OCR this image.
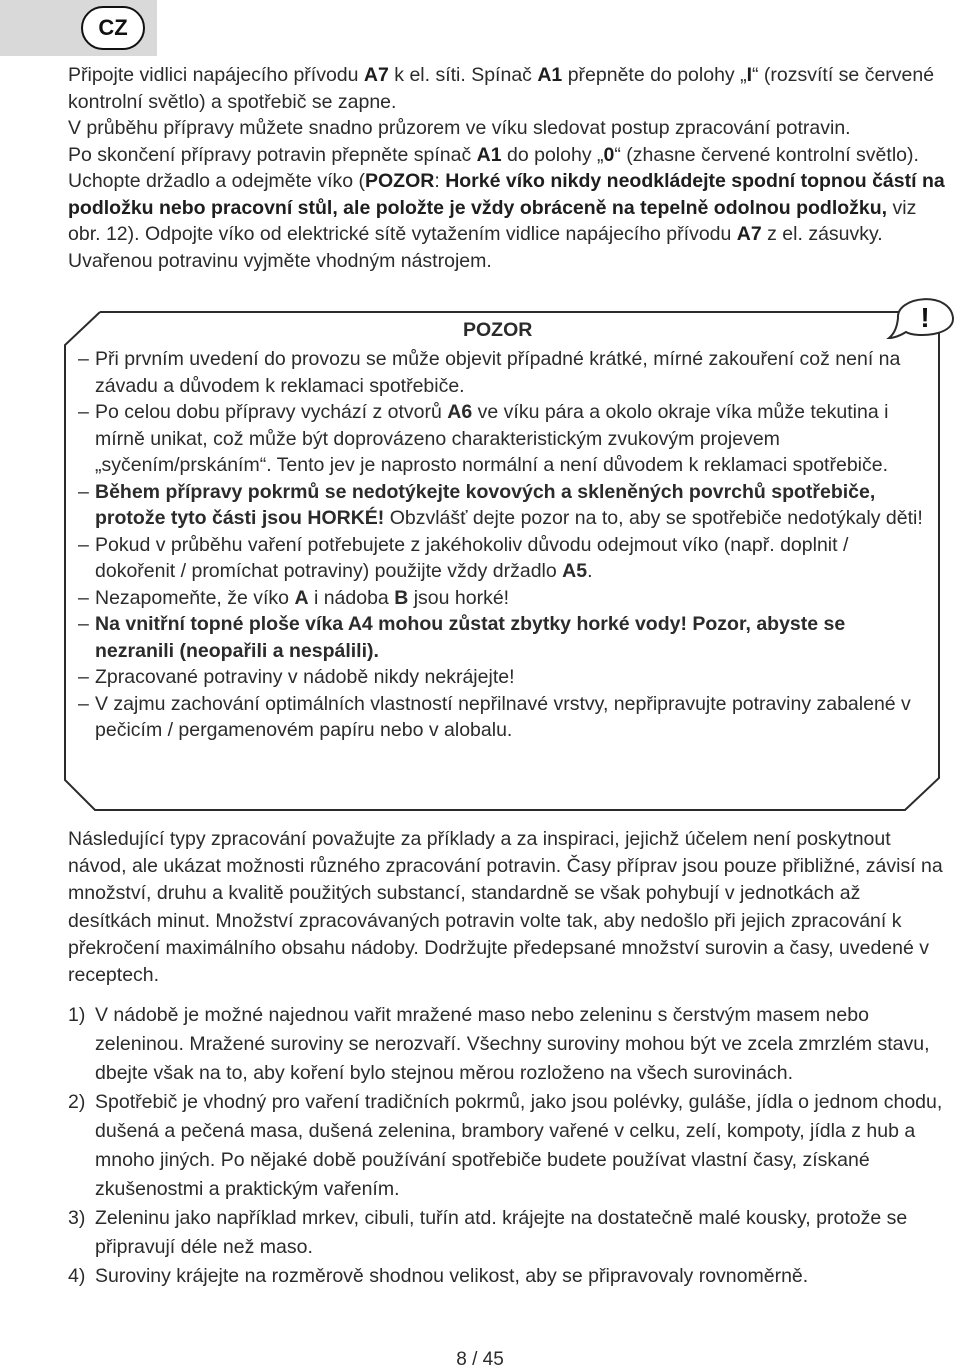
CZ

Připojte vidlici napájecího přívodu A7 k el. síti. Spínač A1 přepněte do polohy „I“ (rozsvítí se červené kontrolní světlo) a spotřebič se zapne.
V průběhu přípravy můžete snadno průzorem ve víku sledovat postup zpracování potravin.
Po skončení přípravy potravin přepněte spínač A1 do polohy „0“ (zhasne červené kontrolní světlo). Uchopte držadlo a odejměte víko (POZOR: Horké víko nikdy neodkládejte spodní topnou částí na podložku nebo pracovní stůl, ale položte je vždy obráceně na tepelně odolnou podložku, viz obr. 12). Odpojte víko od elektrické sítě vytažením vidlice napájecího přívodu A7 z el. zásuvky. Uvařenou potravinu vyjměte vhodným nástrojem.

!

POZOR

– Při prvním uvedení do provozu se může objevit případné krátké, mírné zakouření což není na závadu a důvodem k reklamaci spotřebiče.
– Po celou dobu přípravy vychází z otvorů A6 ve víku pára a okolo okraje víka může tekutina i mírně unikat, což může být doprovázeno charakteristickým zvukovým projevem „syčením/prskáním“. Tento jev je naprosto normální a není důvodem k reklamaci spotřebiče.
– Během přípravy pokrmů se nedotýkejte kovových a skleněných povrchů spotřebiče, protože tyto části jsou HORKÉ! Obzvlášť dejte pozor na to, aby se spotřebiče nedotýkaly děti!
– Pokud v průběhu vaření potřebujete z jakéhokoliv důvodu odejmout víko (např. doplnit / dokořenit / promíchat potraviny) použijte vždy držadlo A5.
– Nezapomeňte, že víko A i nádoba B jsou horké!
– Na vnitřní topné ploše víka A4 mohou zůstat zbytky horké vody! Pozor, abyste se nezranili (neopařili a nespálili).
– Zpracované potraviny v nádobě nikdy nekrájejte!
– V zajmu zachování optimálních vlastností nepřilnavé vrstvy, nepřipravujte potraviny zabalené v pečicím / pergamenovém papíru nebo v alobalu.

Následující typy zpracování považujte za příklady a za inspiraci, jejichž účelem není poskytnout návod, ale ukázat možnosti různého zpracování potravin. Časy příprav jsou pouze přibližné, závisí na množství, druhu a kvalitě použitých substancí, standardně se však pohybují v jednotkách až desítkách minut. Množství zpracovávaných potravin volte tak, aby nedošlo při jejich zpracování k překročení maximálního obsahu nádoby. Dodržujte předepsané množství surovin a časy, uvedené v receptech.

1) V nádobě je možné najednou vařit mražené maso nebo zeleninu s čerstvým masem nebo zeleninou. Mražené suroviny se nerozvaří. Všechny suroviny mohou být ve zcela zmrzlém stavu, dbejte však na to, aby koření bylo stejnou měrou rozloženo na všech surovinách.
2) Spotřebič je vhodný pro vaření tradičních pokrmů, jako jsou polévky, guláše, jídla o jednom chodu, dušená a pečená masa, dušená zelenina, brambory vařené v celku, zelí, kompoty, jídla z hub a mnoho jiných. Po nějaké době používání spotřebiče budete používat vlastní časy, získané zkušenostmi a praktickým vařením.
3) Zeleninu jako například mrkev, cibuli, tuřín atd. krájejte na dostatečně malé kousky, protože se připravují déle než maso.
4) Suroviny krájejte na rozměrově shodnou velikost, aby se připravovaly rovnoměrně.
8 / 45
